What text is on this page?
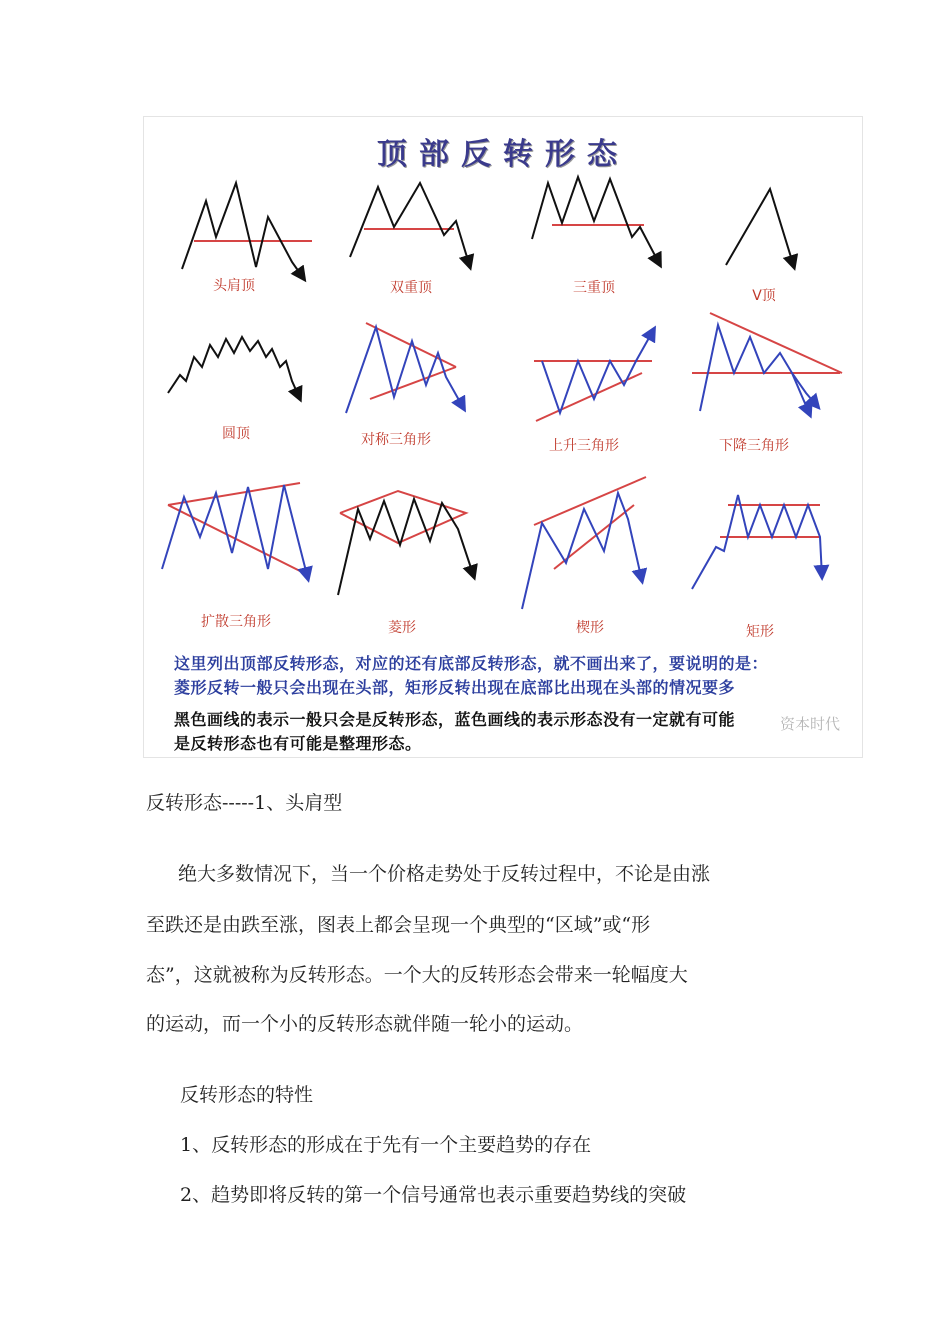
顶部反转形态
头肩顶	双重顶	三重顶	V顶
圆顶	对称三角形	上升三角形	下降三角形
扩散三角形	菱形	楔形	矩形
这里列出顶部反转形态，对应的还有底部反转形态，就不画出来了，要说明的是：
菱形反转一般只会出现在头部，矩形反转出现在底部比出现在头部的情况要多
黑色画线的表示一般只会是反转形态，蓝色画线的表示形态没有一定就有可能
是反转形态也有可能是整理形态。
资本时代
反转形态-----1、头肩型
绝大多数情况下，当一个价格走势处于反转过程中，不论是由涨
至跌还是由跌至涨，图表上都会呈现一个典型的“区域”或“形
态”，这就被称为反转形态。一个大的反转形态会带来一轮幅度大
的运动，而一个小的反转形态就伴随一轮小的运动。
反转形态的特性
1、反转形态的形成在于先有一个主要趋势的存在
2、趋势即将反转的第一个信号通常也表示重要趋势线的突破
